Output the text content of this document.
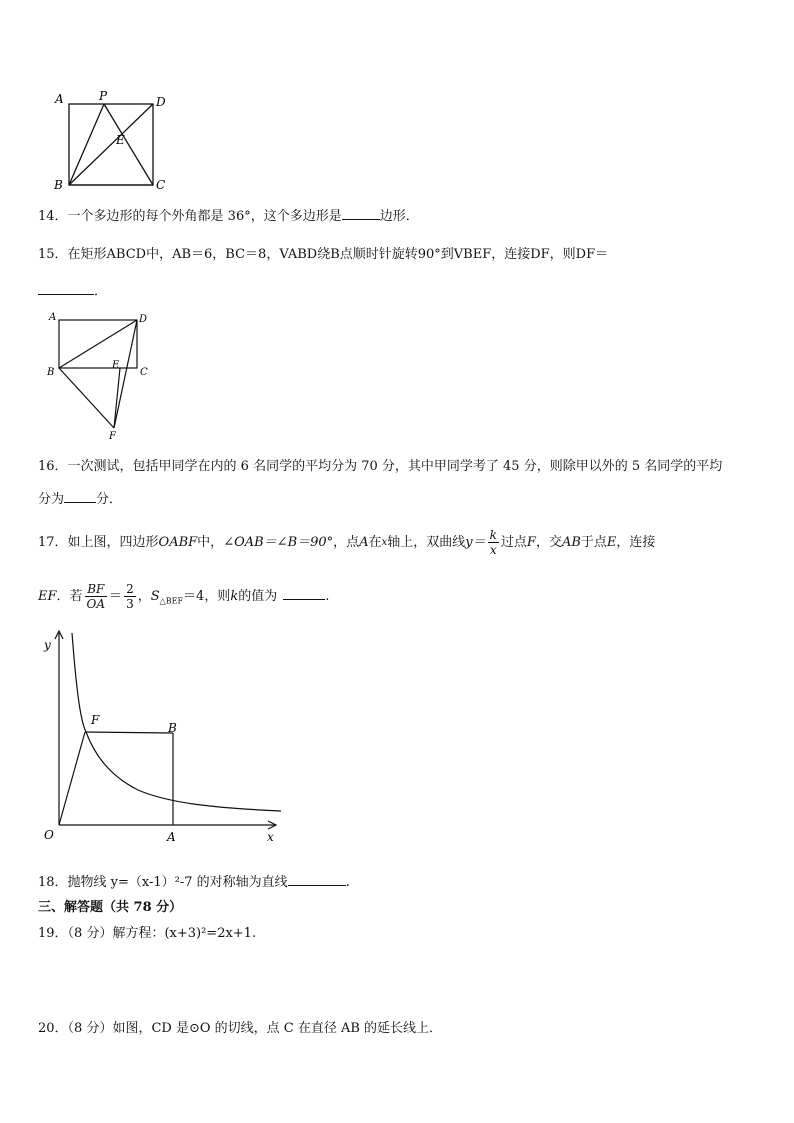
A	P	D
E
B	C
14．一个多边形的每个外角都是 36°，这个多边形是	边形．
15．在矩形ABCD中，AB＝6，BC＝8，VABD绕B点顺时针旋转90°到VBEF，连接DF，则DF＝
．
A	D
B
E
C
F
16．一次测试，包括甲同学在内的 6 名同学的平均分为 70 分，其中甲同学考了 45 分，则除甲以外的 5 名同学的平均
分为 分．
17．如上图，四边形OABF中，∠OAB＝∠B＝90°，点A在$^x$轴上，双曲线$y= \frac{k}{x}$ 过点F，交AB于点E，连接
EF．若 $\frac{BF}{OA} = \frac{2}{3}$ ，$S_{\triangle BEF}=4$，则k的值为	.
y
F
B
O	A	x
18．抛物线 y=（x-1）²-7 的对称轴为直线	.
三、解答题（共 78 分）
19．（8 分）解方程：(x+3)²=2x+1.
20．（8 分）如图，CD 是⊙O 的切线，点 C 在直径 AB 的延长线上．
